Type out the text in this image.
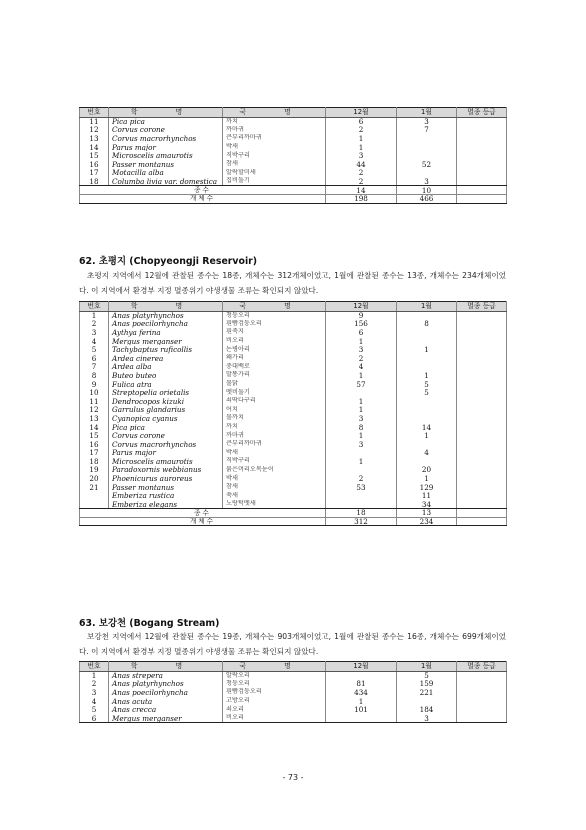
번호	학 명	국 명	12월	1월	멸종 등급
11	Pica pica	까치	6	3	
12	Corvus corone	까마귀	2	7	
13	Corvus macrorhynchos	큰부리까마귀	1		
14	Parus major	박새	1		
15	Microscelis amaurotis	직박구리	3		
16	Passer montanus	참새	44	52	
17	Motacilla alba	알락할미새	2		
18	Columba livia var. domestica	집비둘기	2	3	
종수			14	10	
개체수			198	466	
62. 초평지 (Chopyeongji Reservoir)

초평지 지역에서 12월에 관찰된 종수는 18종, 개체수는 312개체이었고, 1월에 관찰된 종수는 13종, 개체수는 234개체이었다. 이 지역에서 환경부 지정 멸종위기 야생생물 조류는 확인되지 않았다.

번호	학 명	국 명	12월	1월	멸종 등급
1	Anas platyrhynchos	청둥오리	9		
2	Anas poecilorhyncha	흰뺨검둥오리	156	8	
3	Aythya ferina	흰죽지	6		
4	Mergus merganser	비오리	1		
5	Tachybaptus ruficollis	논병아리	3	1	
6	Ardea cinerea	왜가리	2		
7	Ardea alba	중대백로	4		
8	Buteo buteo	말똥가리	1	1	
9	Fulica atra	물닭	57	5	
10	Streptopelia orietalis	멧비둘기		5	
11	Dendrocopos kizuki	쇠딱다구리	1		
12	Garrulus glandarius	어치	1		
13	Cyanopica cyanus	물까치	3		
14	Pica pica	까치	8	14	
15	Corvus corone	까마귀	1	1	
16	Corvus macrorhynchos	큰부리까마귀	3		
17	Parus major	박새		4	
18	Microscelis amaurotis	직박구리	1		
19	Paradoxornis webbianus	붉은머리오목눈이		20	
20	Phoenicurus auroreus	박새	2	1	
21	Passer montanus	참새	53	129	
	Emberiza rustica	쑥새		11	
	Emberiza elegans	노랑턱멧새		34	
종수			18	13	
개체수			312	234	
63. 보강천 (Bogang Stream)

보강천 지역에서 12월에 관찰된 종수는 19종, 개체수는 903개체이었고, 1월에 관찰된 종수는 16종, 개체수는 699개체이었다. 이 지역에서 환경부 지정 멸종위기 야생생물 조류는 확인되지 않았다.

번호	학 명	국 명	12월	1월	멸종 등급
1	Anas strepera	알락오리		5	
2	Anas platyrhynchos	청둥오리	81	159	
3	Anas poecilorhyncha	흰뺨검둥오리	434	221	
4	Anas acuta	고방오리	1		
5	Anas crecca	쇠오리	101	184	
6	Mergus merganser	비오리		3	
- 73 -
